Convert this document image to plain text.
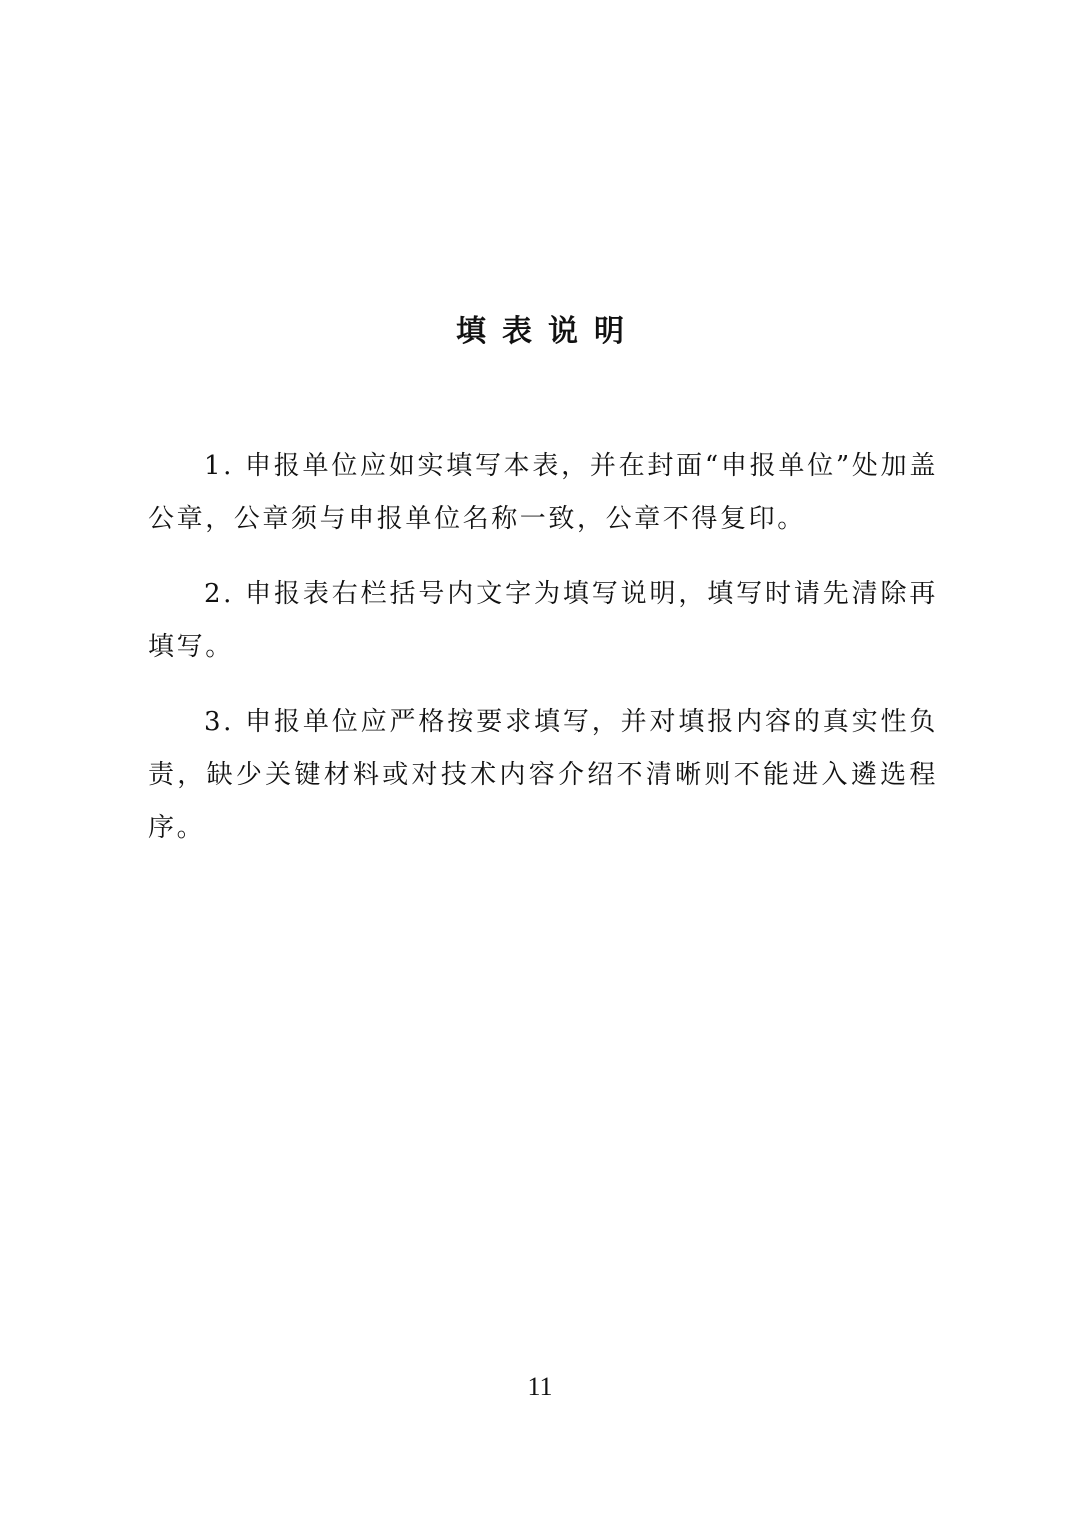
填表说明

1. 申报单位应如实填写本表，并在封面“申报单位”处加盖公章，公章须与申报单位名称一致，公章不得复印。

2. 申报表右栏括号内文字为填写说明，填写时请先清除再填写。

3. 申报单位应严格按要求填写，并对填报内容的真实性负责，缺少关键材料或对技术内容介绍不清晰则不能进入遴选程序。

11
